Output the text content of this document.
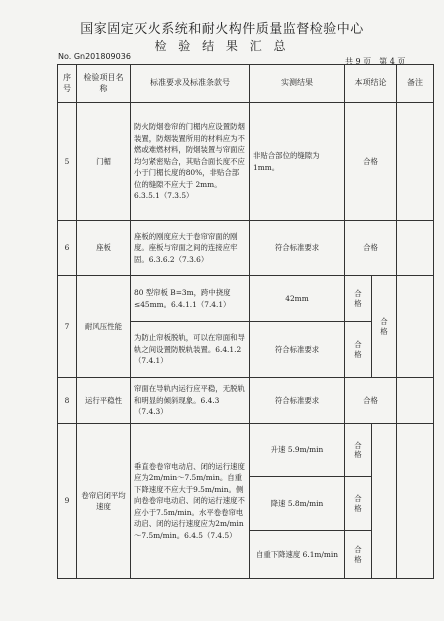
国家固定灭火系统和耐火构件质量监督检验中心
检 验 结 果 汇 总
No. Gn201809036
共 9 页　第 4 页
序号	检验项目名称	标准要求及标准条款号	实测结果	本项结论		备注
5	门楣	防火防烟卷帘的门楣内应设置防烟装置，防烟装置所用的材料应为不燃或难燃材料，防烟装置与帘面应均匀紧密贴合，其贴合面长度不应小于门楣长度的80%，非贴合部位的缝隙不应大于 2mm。6.3.5.1（7.3.5）	非贴合部位的缝隙为 1mm。	合格		
6	座板	座板的刚度应大于卷帘帘面的刚度。座板与帘面之间的连接应牢固。6.3.6.2（7.3.6）	符合标准要求	合格		
7	耐风压性能	80 型帘板 B=3m，跨中挠度≤45mm。6.4.1.1（7.4.1）	42mm	合格	合格	

		为防止帘板脱轨，可以在帘面和导轨之间设置防脱轨装置。6.4.1.2（7.4.1）	符合标准要求	合格		

8	运行平稳性	帘面在导轨内运行应平稳，无脱轨和明显的倾斜现象。6.4.3（7.4.3）	符合标准要求	合格		
9	卷帘启闭平均速度	垂直卷卷帘电动启、闭的运行速度应为2m/min～7.5m/min。自重下降速度不应大于9.5m/min。侧向卷卷帘电动启、闭的运行速度不应小于7.5m/min。水平卷卷帘电动启、闭的运行速度应为2m/min～7.5m/min。6.4.5（7.4.5）	升速 5.9m/min	合格		

			降速 5.8m/min	合格		

			自重下降速度 6.1m/min	合格		
